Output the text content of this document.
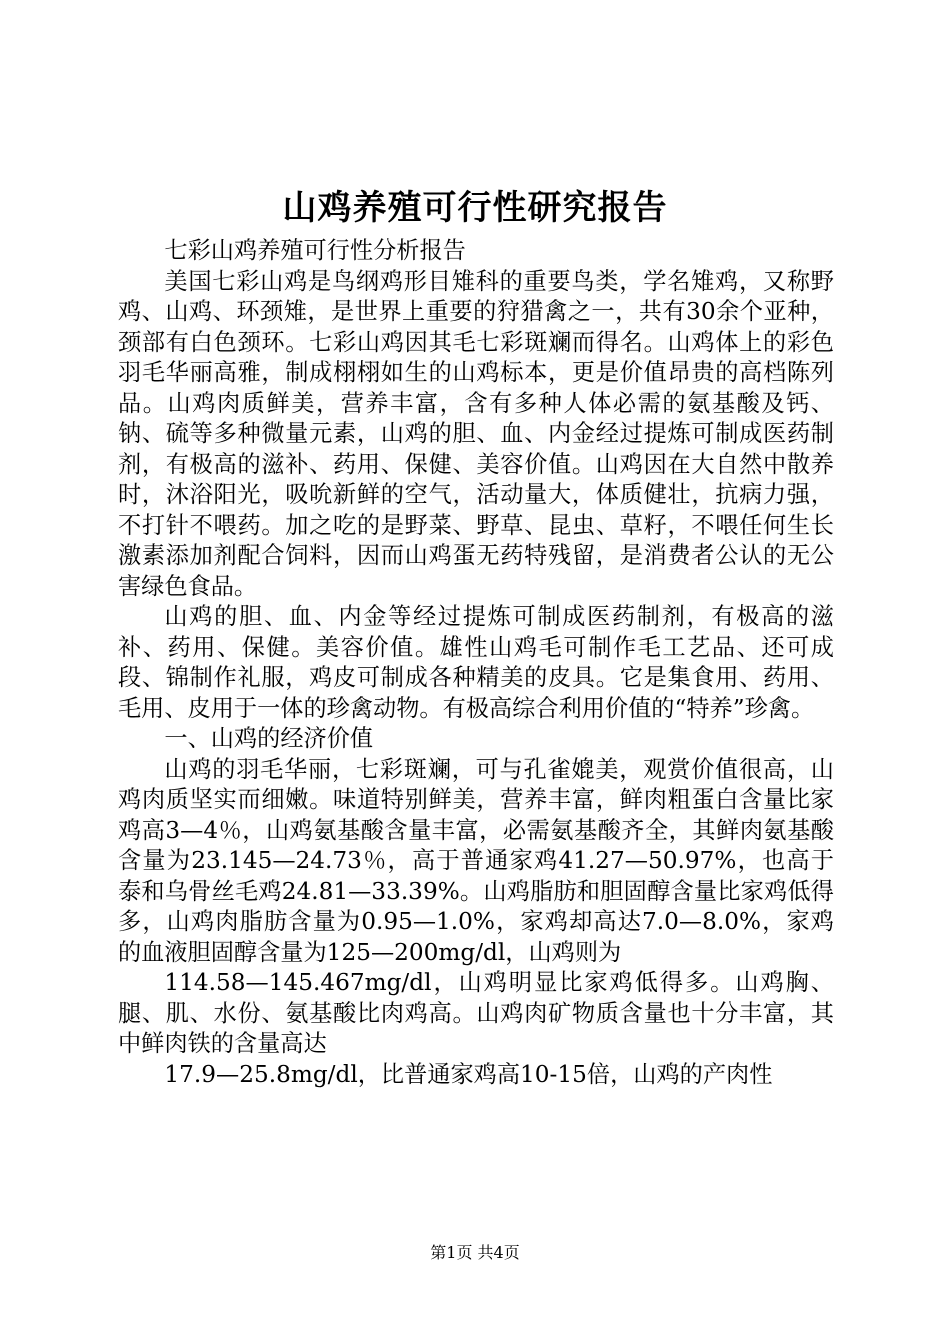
山鸡养殖可行性研究报告

七彩山鸡养殖可行性分析报告

美国七彩山鸡是鸟纲鸡形目雉科的重要鸟类，学名雉鸡，又称野鸡、山鸡、环颈雉，是世界上重要的狩猎禽之一，共有30余个亚种，颈部有白色颈环。七彩山鸡因其毛七彩斑斓而得名。山鸡体上的彩色羽毛华丽高雅，制成栩栩如生的山鸡标本，更是价值昂贵的高档陈列品。山鸡肉质鲜美，营养丰富，含有多种人体必需的氨基酸及钙、钠、硫等多种微量元素，山鸡的胆、血、内金经过提炼可制成医药制剂，有极高的滋补、药用、保健、美容价值。山鸡因在大自然中散养时，沐浴阳光，吸吮新鲜的空气，活动量大，体质健壮，抗病力强，不打针不喂药。加之吃的是野菜、野草、昆虫、草籽，不喂任何生长激素添加剂配合饲料，因而山鸡蛋无药特残留，是消费者公认的无公害绿色食品。

山鸡的胆、血、内金等经过提炼可制成医药制剂，有极高的滋补、药用、保健。美容价值。雄性山鸡毛可制作毛工艺品、还可成段、锦制作礼服，鸡皮可制成各种精美的皮具。它是集食用、药用、毛用、皮用于一体的珍禽动物。有极高综合利用价值的“特养”珍禽。

一、山鸡的经济价值

山鸡的羽毛华丽，七彩斑斓，可与孔雀媲美，观赏价值很高，山鸡肉质坚实而细嫩。味道特别鲜美，营养丰富，鲜肉粗蛋白含量比家鸡高3—4％，山鸡氨基酸含量丰富，必需氨基酸齐全，其鲜肉氨基酸含量为23.145—24.73％，高于普通家鸡41.27—50.97%，也高于泰和乌骨丝毛鸡24.81—33.39%。山鸡脂肪和胆固醇含量比家鸡低得多，山鸡肉脂肪含量为0.95—1.0%，家鸡却高达7.0—8.0%，家鸡的血液胆固醇含量为125—200mg/dl，山鸡则为

114.58—145.467mg/dl，山鸡明显比家鸡低得多。山鸡胸、腿、肌、水份、氨基酸比肉鸡高。山鸡肉矿物质含量也十分丰富，其中鲜肉铁的含量高达

17.9—25.8mg/dl，比普通家鸡高10-15倍，山鸡的产肉性

第1页 共4页
